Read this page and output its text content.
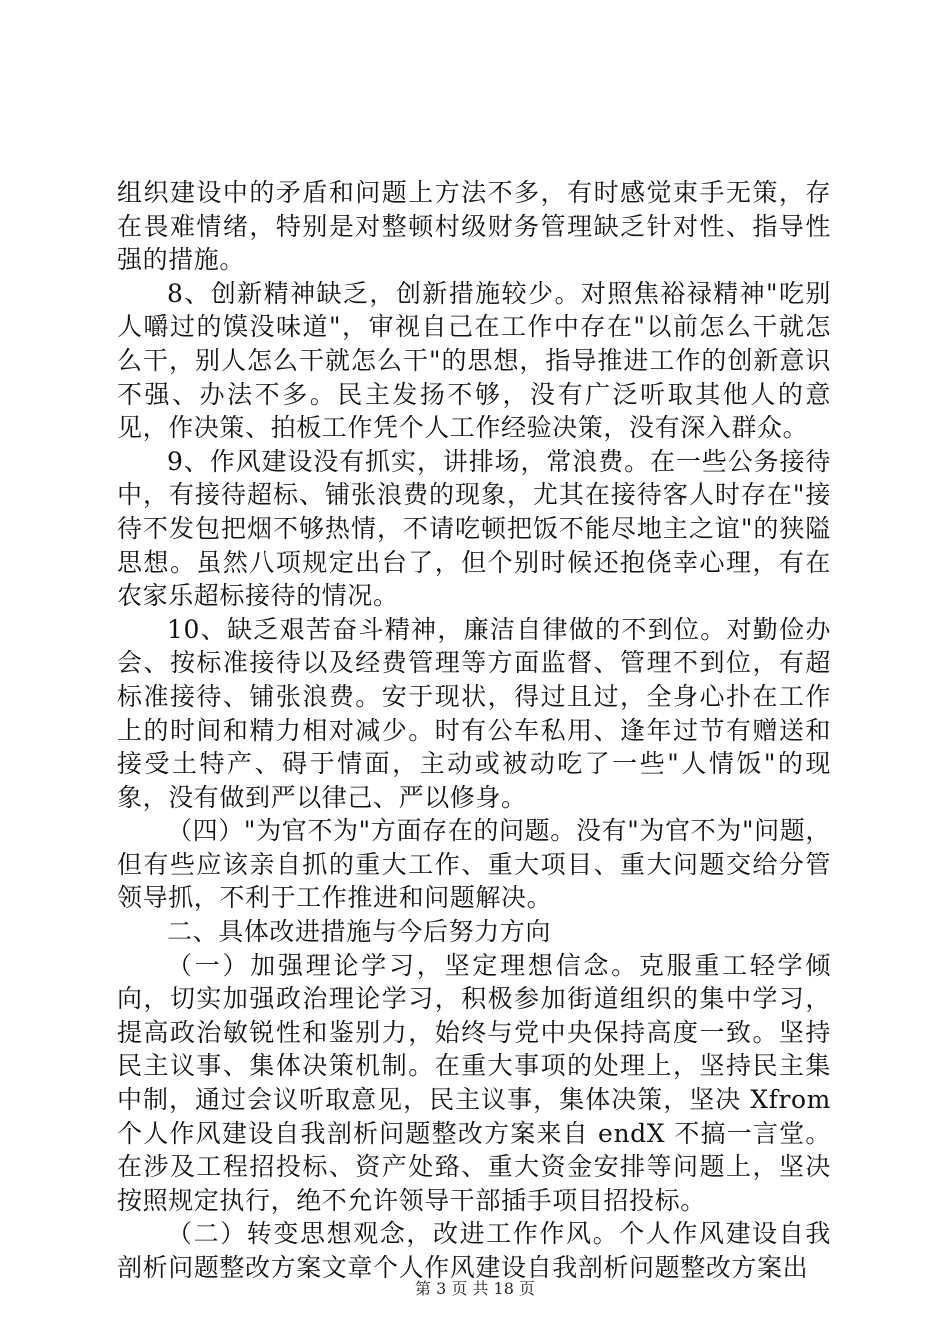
组织建设中的矛盾和问题上方法不多，有时感觉束手无策，存在畏难情绪，特别是对整顿村级财务管理缺乏针对性、指导性强的措施。

8、创新精神缺乏，创新措施较少。对照焦裕禄精神"吃别人嚼过的馍没味道"，审视自己在工作中存在"以前怎么干就怎么干，别人怎么干就怎么干"的思想，指导推进工作的创新意识不强、办法不多。民主发扬不够，没有广泛听取其他人的意见，作决策、拍板工作凭个人工作经验决策，没有深入群众。

9、作风建设没有抓实，讲排场，常浪费。在一些公务接待中，有接待超标、铺张浪费的现象，尤其在接待客人时存在"接待不发包把烟不够热情，不请吃顿把饭不能尽地主之谊"的狭隘思想。虽然八项规定出台了，但个别时候还抱侥幸心理，有在农家乐超标接待的情况。

10、缺乏艰苦奋斗精神，廉洁自律做的不到位。对勤俭办会、按标准接待以及经费管理等方面监督、管理不到位，有超标准接待、铺张浪费。安于现状，得过且过，全身心扑在工作上的时间和精力相对减少。时有公车私用、逢年过节有赠送和接受土特产、碍于情面，主动或被动吃了一些"人情饭"的现象，没有做到严以律己、严以修身。

（四）"为官不为"方面存在的问题。没有"为官不为"问题，但有些应该亲自抓的重大工作、重大项目、重大问题交给分管领导抓，不利于工作推进和问题解决。

二、具体改进措施与今后努力方向

（一）加强理论学习，坚定理想信念。克服重工轻学倾向，切实加强政治理论学习，积极参加街道组织的集中学习，提高政治敏锐性和鉴别力，始终与党中央保持高度一致。坚持民主议事、集体决策机制。在重大事项的处理上，坚持民主集中制，通过会议听取意见，民主议事，集体决策，坚决 Xfrom 个人作风建设自我剖析问题整改方案来自 endX 不搞一言堂。在涉及工程招投标、资产处臵、重大资金安排等问题上，坚决按照规定执行，绝不允许领导干部插手项目招投标。

（二）转变思想观念，改进工作作风。个人作风建设自我剖析问题整改方案文章个人作风建设自我剖析问题整改方案出

第 3 页 共 18 页
